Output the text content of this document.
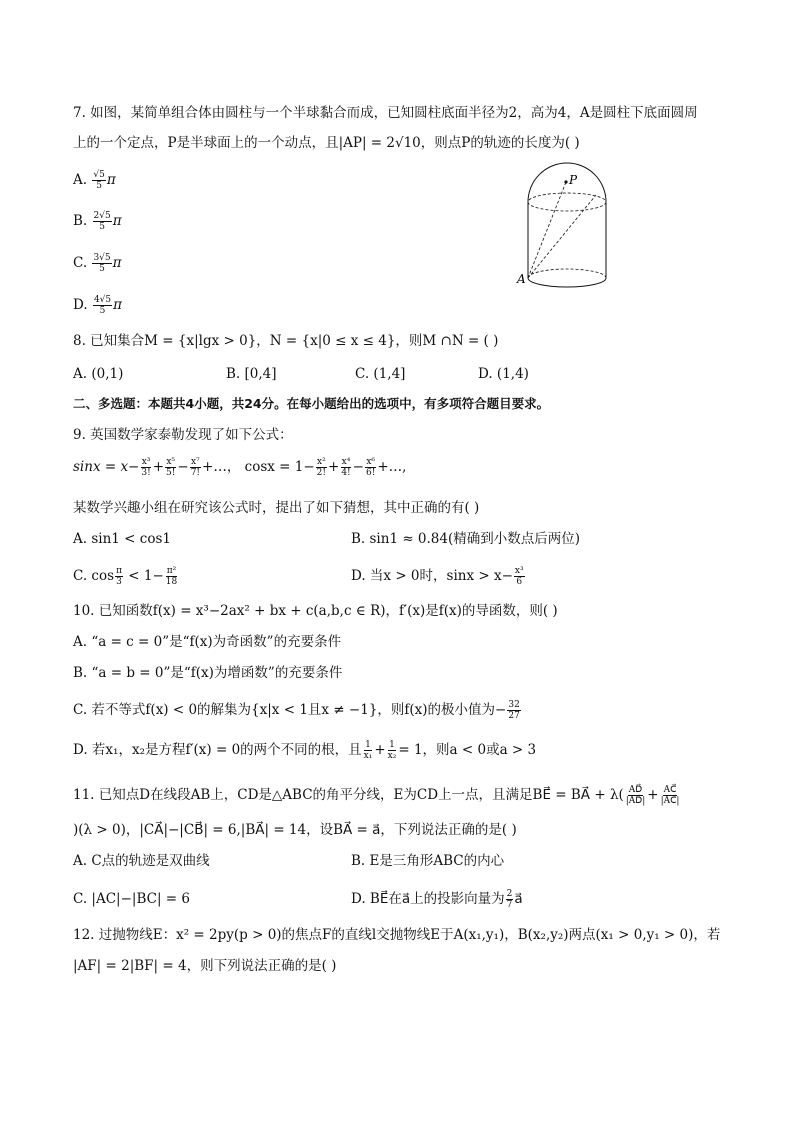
7. 如图，某简单组合体由圆柱与一个半球黏合而成，已知圆柱底面半径为2，高为4，A是圆柱下底面圆周
上的一个定点，P是半球面上的一个动点，且|AP| = 2√10，则点P的轨迹的长度为( )
A. $\frac{√5}{5}$ π
B. $\frac{2√5}{5}$ π
C. $\frac{3√5}{5}$ π
D. $\frac{4√5}{5}$ π
P
A
8. 已知集合M = {x|lgx > 0}，N = {x|0 ≤ x ≤ 4}，则M ∩N = ( )
A. (0,1)	B. [0,4]	C. (1,4]	D. (1,4)
二、多选题：本题共4小题，共24分。在每小题给出的选项中，有多项符合题目要求。
9. 英国数学家泰勒发现了如下公式：
$\sin x = x- \frac{\text{x³}}{3!} + \frac{\text{x⁵}}{5!} - \frac{\text{x⁷}}{7!}$ +…， $\cos x = 1- \frac{\text{x²}}{2!} + \frac{\text{x⁴}}{4!} - \frac{\text{x⁶}}{6!}$ +…,
某数学兴趣小组在研究该公式时，提出了如下猜想，其中正确的有( )
A. sin1 < cos1	B. sin1 ≈ 0.84(精确到小数点后两位)
C. $\cos \frac{\pi}{3} < 1- \frac{\text{π²}}{18}$	D. 当x > 0时，$\sin x > x- \frac{\text{x³}}{6}$
10. 已知函数f(x) = x³−2ax² + bx + c(a,b,c ∈ R)，f′(x)是f(x)的导函数，则( )
A. “a = c = 0”是“f(x)为奇函数”的充要条件
B. “a = b = 0”是“f(x)为增函数”的充要条件
C. 若不等式f(x) < 0的解集为{x|x < 1且x ≠ −1}，则f(x)的极小值为− $\frac{32}{27}$
D. 若x₁，x₂是方程f′(x) = 0的两个不同的根，且 $\frac{1}{\text{x₁}} + \frac{1}{\text{x₂}} = 1$，则a < 0或a > 3
11. 已知点D在线段AB上，CD是△ABC的角平分线，E为CD上一点，且满足BE⃗ = BA⃗ + $\lambda( \frac{AD⃗}{|AD⃗|} + \frac{AC⃗}{|AC⃗|}$
)(λ > 0)，|CA⃗|−|CB⃗| = 6,|BA⃗| = 14，设BA⃗ = a⃗，下列说法正确的是( )
A. C点的轨迹是双曲线	B. E是三角形ABC的内心
C. |AC|−|BC| = 6	D. BE⃗在a⃗上的投影向量为 $\frac{2}{7}$ a⃗
12. 过抛物线E：x² = 2py(p > 0)的焦点F的直线l交抛物线E于A(x₁,y₁)，B(x₂,y₂)两点(x₁ > 0,y₁ > 0)，若
|AF| = 2|BF| = 4，则下列说法正确的是( )
